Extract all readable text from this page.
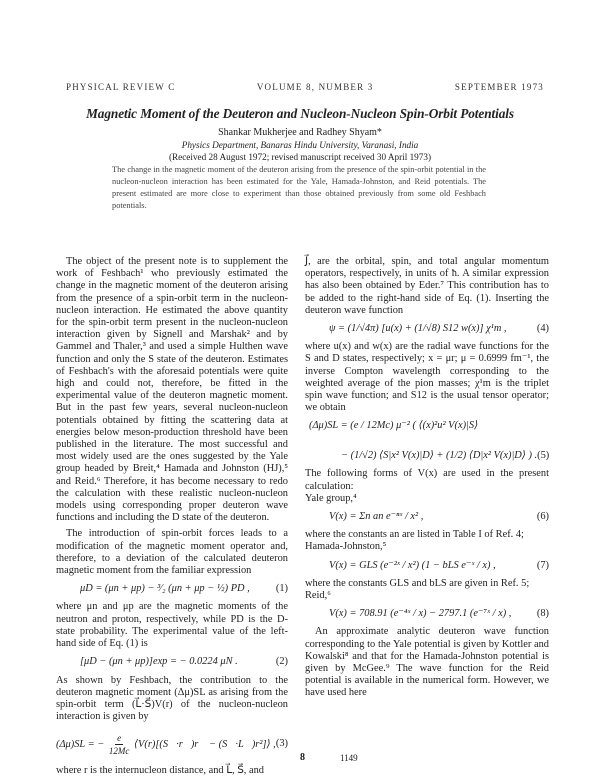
PHYSICAL REVIEW C	VOLUME 8, NUMBER 3	SEPTEMBER 1973
Magnetic Moment of the Deuteron and Nucleon-Nucleon Spin-Orbit Potentials
Shankar Mukherjee and Radhey Shyam*
Physics Department, Banaras Hindu University, Varanasi, India
(Received 28 August 1972; revised manuscript received 30 April 1973)
The change in the magnetic moment of the deuteron arising from the presence of the spin-orbit potential in the nucleon-nucleon interaction has been estimated for the Yale, Hamada-Johnston, and Reid potentials. The present estimated are more close to experiment than those obtained previously from some old Feshbach potentials.

The object of the present note is to supplement the work of Feshbach¹ who previously estimated the change in the magnetic moment of the deuteron arising from the presence of a spin-orbit term in the nucleon-nucleon interaction. He estimated the above quantity for the spin-orbit term present in the nucleon-nucleon interaction given by Signell and Marshak² and by Gammel and Thaler,³ and used a simple Hulthen wave function and only the S state of the deuteron. Estimates of Feshbach's with the aforesaid potentials were quite high and could not, therefore, be fitted in the experimental value of the deuteron magnetic moment. But in the past few years, several nucleon-nucleon potentials obtained by fitting the scattering data at energies below meson-production threshold have been published in the literature. The most successful and most widely used are the ones suggested by the Yale group headed by Breit,⁴ Hamada and Johnston (HJ),⁵ and Reid.⁶ Therefore, it has become necessary to redo the calculation with these realistic nucleon-nucleon models using corresponding proper deuteron wave functions and including the D state of the deuteron.

The introduction of spin-orbit forces leads to a modification of the magnetic moment operator and, therefore, to a deviation of the calculated deuteron magnetic moment from the familiar expression

μD = (μn + μp) − ³⁄₂ (μn + μp − ½) PD ,	(1)

where μn and μp are the magnetic moments of the neutron and proton, respectively, while PD is the D-state probability. The experimental value of the left-hand side of Eq. (1) is

[μD − (μn + μp)]exp = − 0.0224 μN .	(2)

As shown by Feshbach, the contribution to the deuteron magnetic moment (Δμ)SL as arising from the spin-orbit term (L⃗·S⃗)V(r) of the nucleon-nucleon interaction is given by

(Δμ)SL = − $\frac{e}{12Mc}$ ⟨V(r)[(S⃗·r⃗)r⃗ − (S⃗·L⃗)r²]⟩ , (3)

where r is the internucleon distance, and L⃗, S⃗, and

J⃗, are the orbital, spin, and total angular momentum operators, respectively, in units of ħ. A similar expression has also been obtained by Eder.⁷ This contribution has to be added to the right-hand side of Eq. (1). Inserting the deuteron wave function

ψ = (1/√4π) [u(x) + (1/√8) S12 w(x)] χ¹m ,	(4)

where u(x) and w(x) are the radial wave functions for the S and D states, respectively; x = μr; μ = 0.6999 fm⁻¹, the inverse Compton wavelength corresponding to the weighted average of the pion masses; χ¹m is the triplet spin wave function; and S12 is the usual tensor operator; we obtain

(Δμ)SL = (e / 12Mc) μ⁻² ( ⟨(x)²u² V(x)|S⟩
− (1/√2) ⟨S|x² V(x)|D⟩ + (1/2) ⟨D|x² V(x)|D⟩ ) . (5)

The following forms of V(x) are used in the present calculation:

Yale group,⁴

V(x) = Σn an e⁻ⁿˣ / x² ,	(6)

where the constants an are listed in Table I of Ref. 4;

Hamada-Johnston,⁵

V(x) = GLS (e⁻²ˣ / x²) (1 − bLS e⁻ˣ / x) ,	(7)

where the constants GLS and bLS are given in Ref. 5;

Reid,⁶

V(x) = 708.91 (e⁻⁴ˣ / x) − 2797.1 (e⁻⁷ˣ / x) ,	(8)

An approximate analytic deuteron wave function corresponding to the Yale potential is given by Kottler and Kowalski⁸ and that for the Hamada-Johnston potential is given by McGee.⁹ The wave function for the Reid potential is available in the numerical form. However, we have used here

8	1149
